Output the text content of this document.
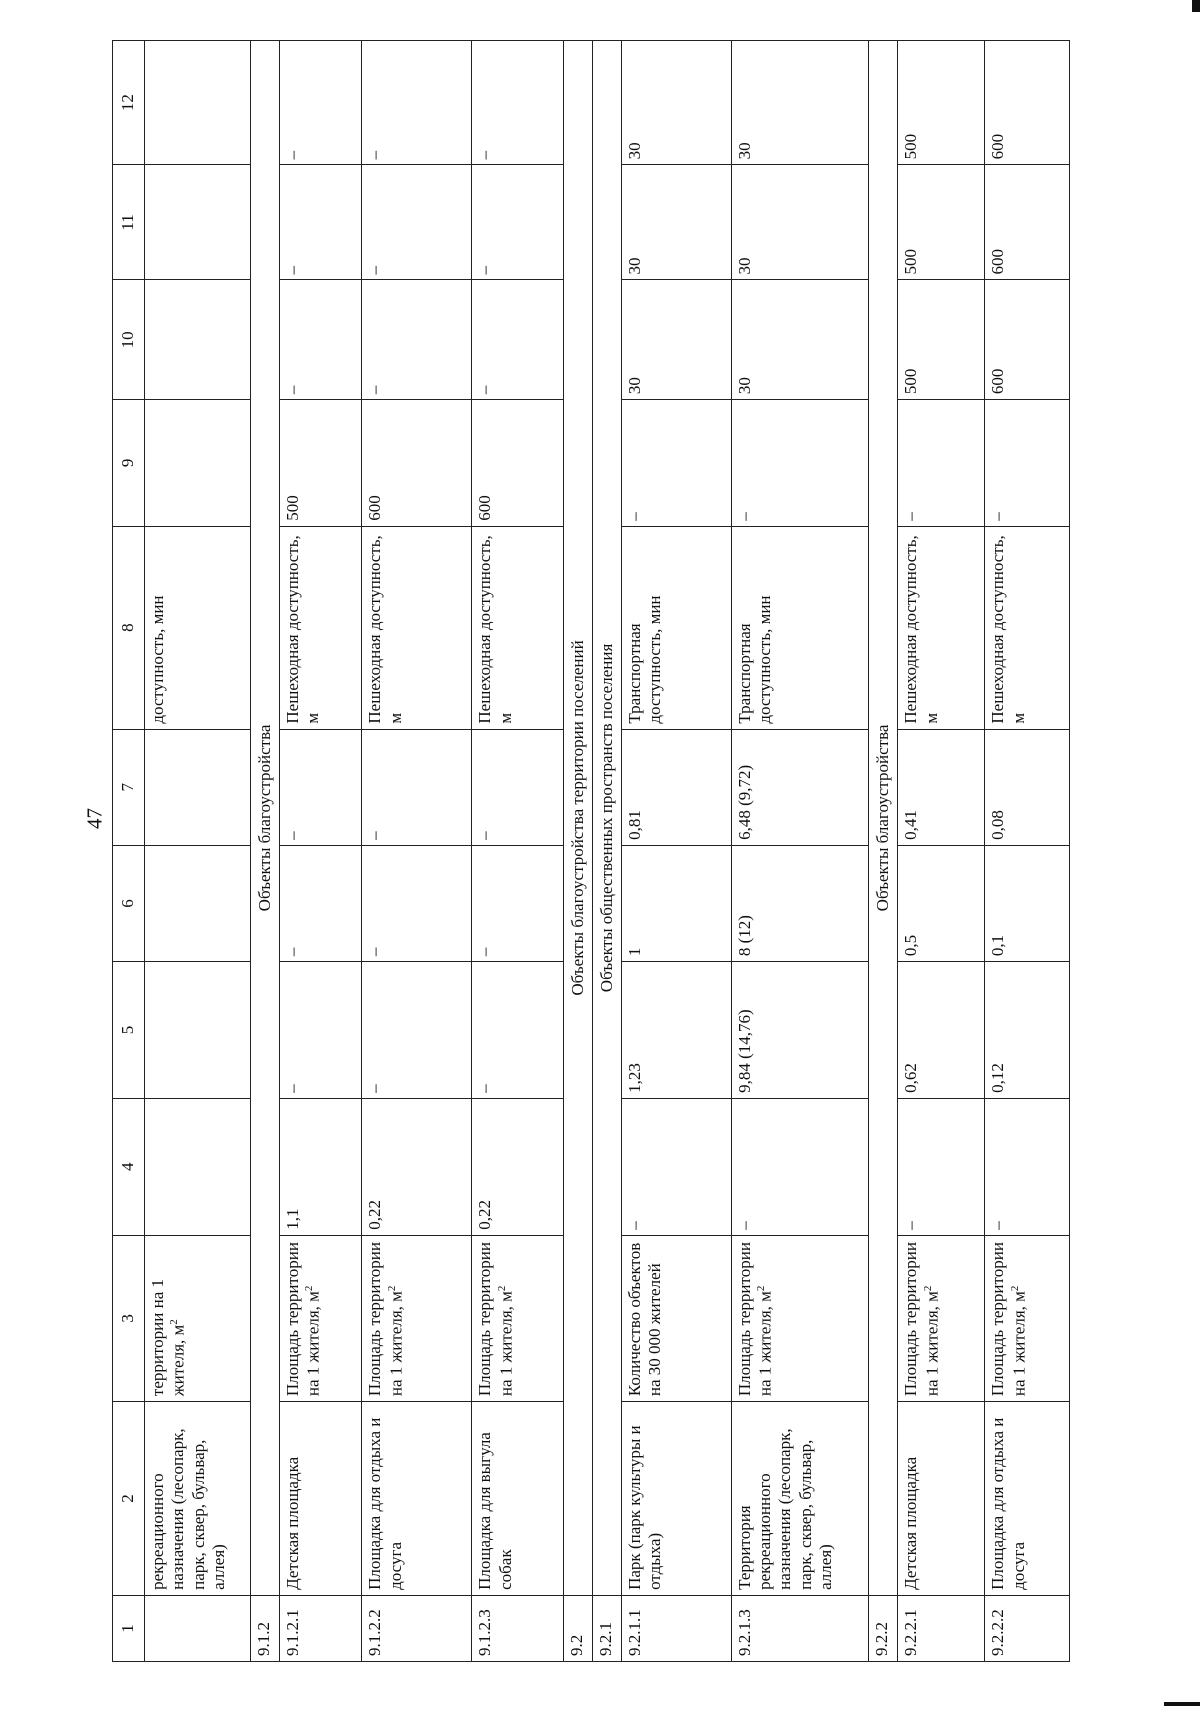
47
1	2	3	4	5	6	7	8	9	10	11	12
	рекреационного назначения (лесопарк, парк, сквер, бульвар, аллея)	территории на 1 жителя, $м^2$					доступность, мин				
9.1.2	Объекты благоустройства										
9.1.2.1	Детская площадка	Площадь территории на 1 жителя, $м^2$	1,1	–	–	–	Пешеходная доступность, м	500	–	–	–
9.1.2.2	Площадка для отдыха и досуга	Площадь территории на 1 жителя, $м^2$	0,22	–	–	–	Пешеходная доступность, м	600	–	–	–
9.1.2.3	Площадка для выгула собак	Площадь территории на 1 жителя, $м^2$	0,22	–	–	–	Пешеходная доступность, м	600	–	–	–
9.2	Объекты благоустройства территории поселений										
9.2.1	Объекты общественных пространств поселения										
9.2.1.1	Парк (парк культуры и отдыха)	Количество объектов на 30 000 жителей	–	1,23	1	0,81	Транспортная доступность, мин	–	30	30	30
9.2.1.3	Территория рекреационного назначения (лесопарк, парк, сквер, бульвар, аллея)	Площадь территории на 1 жителя, $м^2$	–	9,84 (14,76)	8 (12)	6,48 (9,72)	Транспортная доступность, мин	–	30	30	30
9.2.2	Объекты благоустройства										
9.2.2.1	Детская площадка	Площадь территории на 1 жителя, $м^2$	–	0,62	0,5	0,41	Пешеходная доступность, м	–	500	500	500
9.2.2.2	Площадка для отдыха и досуга	Площадь территории на 1 жителя, $м^2$	–	0,12	0,1	0,08	Пешеходная доступность, м	–	600	600	600
